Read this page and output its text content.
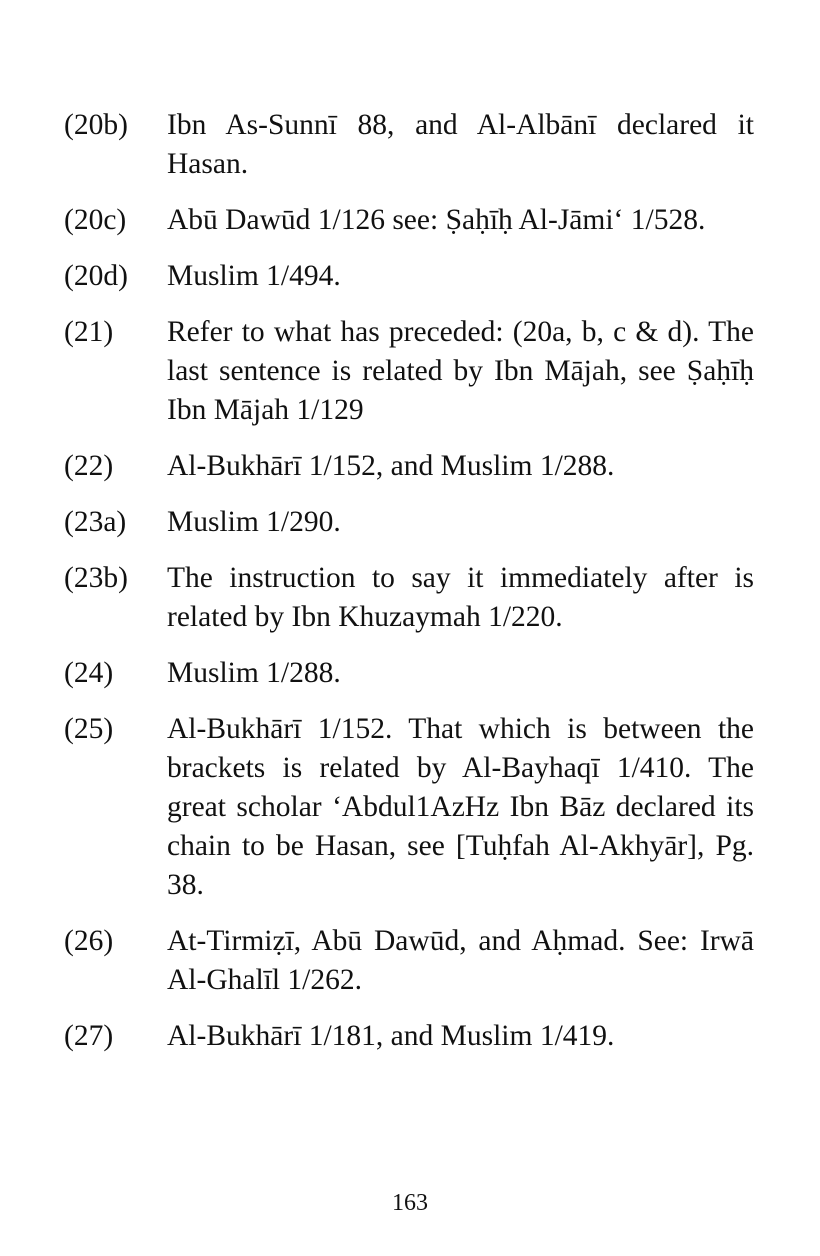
(20b)	Ibn As-Sunnī 88, and Al-Albānī declared it Hasan.
(20c)	Abū Dawūd 1/126 see: Ṣaḥīḥ Al-Jāmi‘ 1/528.
(20d)	Muslim 1/494.
(21)	Refer to what has preceded: (20a, b, c & d). The last sentence is related by Ibn Mājah, see Ṣaḥīḥ Ibn Mājah 1/129
(22)	Al-Bukhārī 1/152, and Muslim 1/288.
(23a)	Muslim 1/290.
(23b)	The instruction to say it immediately after is related by Ibn Khuzaymah 1/220.
(24)	Muslim 1/288.
(25)	Al-Bukhārī 1/152. That which is between the brackets is related by Al-Bayhaqī 1/410. The great scholar ‘Abdul1AzHz Ibn Bāz declared its chain to be Hasan, see [Tuḥfah Al-Akhyār], Pg. 38.
(26)	At-Tirmiẓī, Abū Dawūd, and Aḥmad. See: Irwā Al-Ghalīl 1/262.
(27)	Al-Bukhārī 1/181, and Muslim 1/419.
163
